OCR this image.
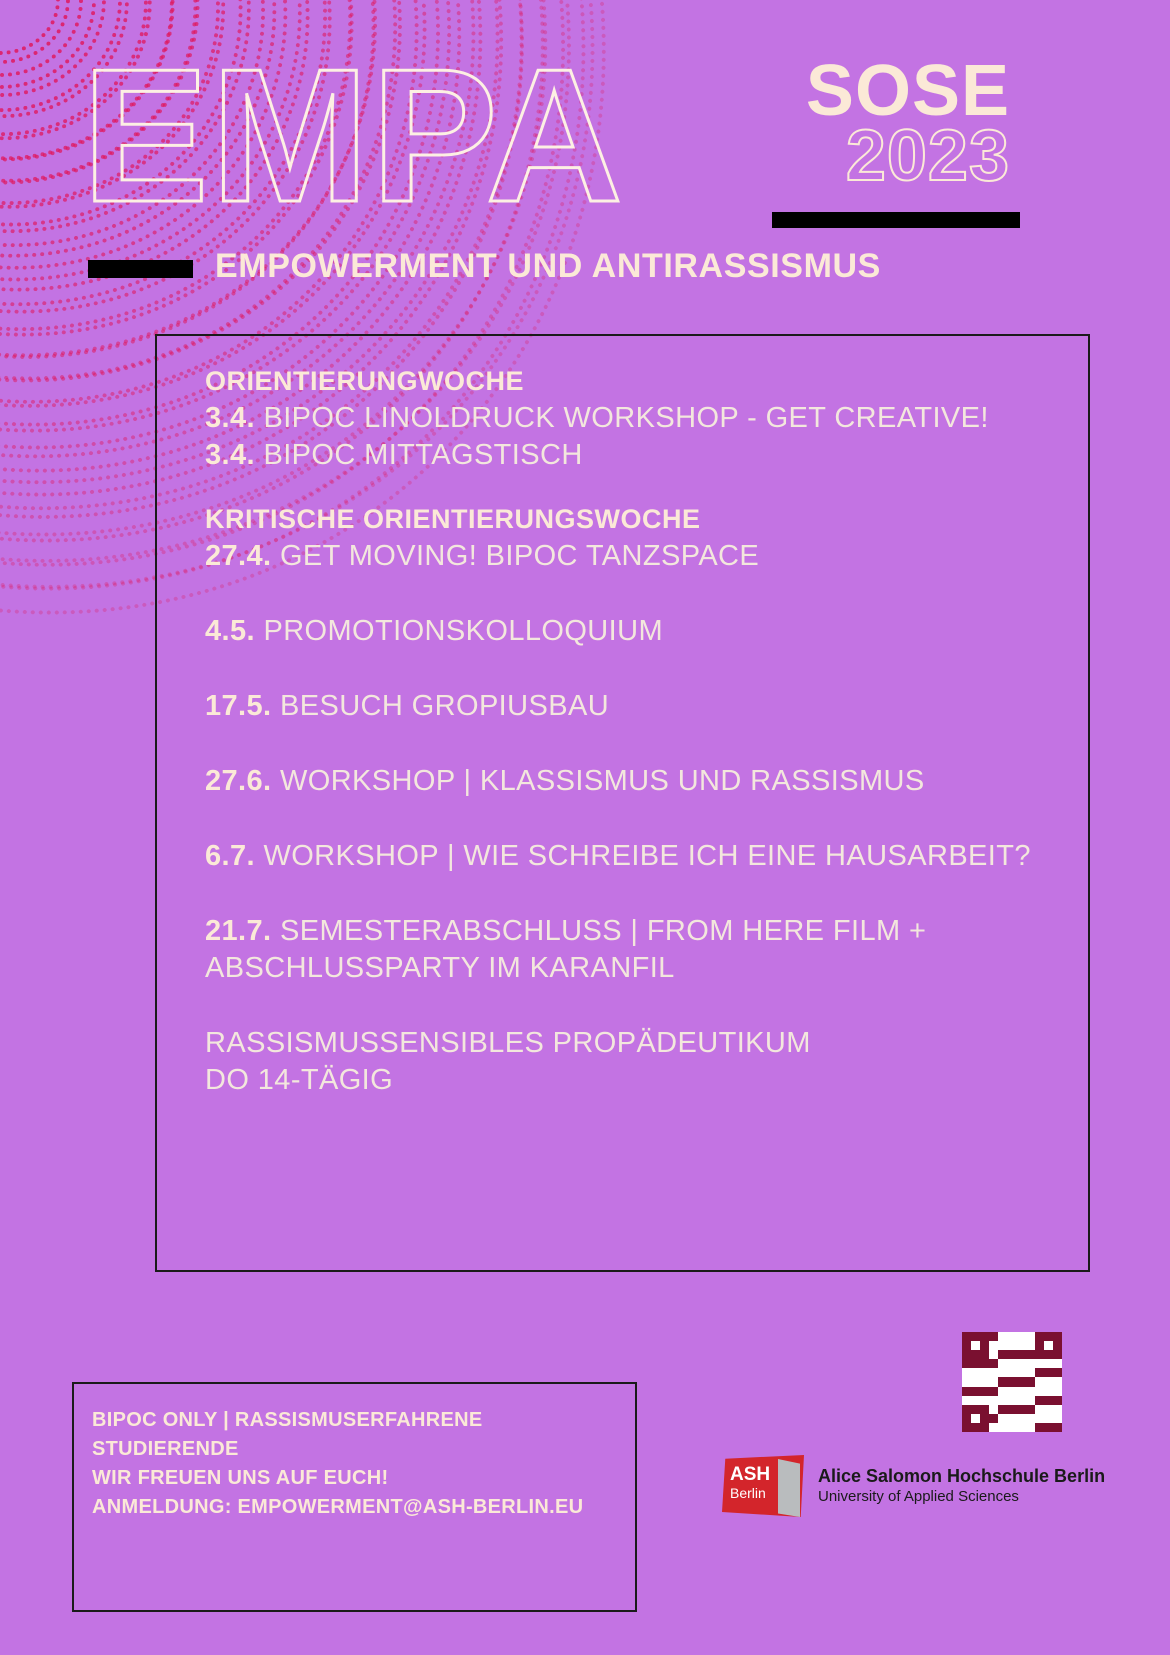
EMPA	SOSE
2023
EMPOWERMENT UND ANTIRASSISMUS
ORIENTIERUNGWOCHE
3.4. BIPOC LINOLDRUCK WORKSHOP - GET CREATIVE!
3.4. BIPOC MITTAGSTISCH
KRITISCHE ORIENTIERUNGSWOCHE
27.4. GET MOVING! BIPOC TANZSPACE
4.5. PROMOTIONSKOLLOQUIUM
17.5. BESUCH GROPIUSBAU
27.6. WORKSHOP | KLASSISMUS UND RASSISMUS
6.7. WORKSHOP | WIE SCHREIBE ICH EINE HAUSARBEIT?
21.7. SEMESTERABSCHLUSS | FROM HERE FILM + ABSCHLUSSPARTY IM KARANFIL
RASSISMUSSENSIBLES PROPÄDEUTIKUM
DO 14-TÄGIG
BIPOC ONLY | RASSISMUSERFAHRENE STUDIERENDE
WIR FREUEN UNS AUF EUCH!
ANMELDUNG: EMPOWERMENT@ASH-BERLIN.EU
ASH
Berlin
Alice Salomon Hochschule Berlin
University of Applied Sciences
